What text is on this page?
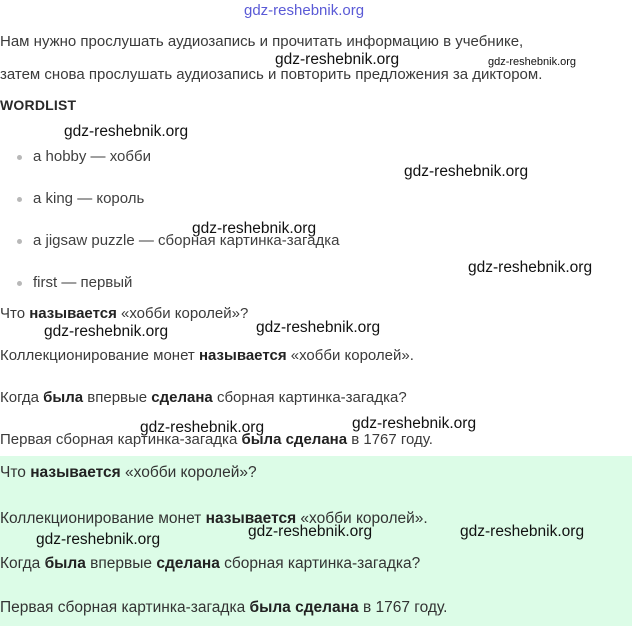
gdz-reshebnik.org
Нам нужно прослушать аудиозапись и прочитать информацию в учебнике,
затем снова прослушать аудиозапись и повторить предложения за диктором.
WORDLIST
a hobby — хобби
a king — король
a jigsaw puzzle — сборная картинка-загадка
first — первый
Что называется «хобби королей»?
Коллекционирование монет называется «хобби королей».
Когда была впервые сделана сборная картинка-загадка?
Первая сборная картинка-загадка была сделана в 1767 году.
Что называется «хобби королей»?
Коллекционирование монет называется «хобби королей».
Когда была впервые сделана сборная картинка-загадка?
Первая сборная картинка-загадка была сделана в 1767 году.
gdz-reshebnik.org	gdz-reshebnik.org
gdz-reshebnik.org
gdz-reshebnik.org
gdz-reshebnik.org
gdz-reshebnik.org
gdz-reshebnik.org	gdz-reshebnik.org
gdz-reshebnik.org
gdz-reshebnik.org
gdz-reshebnik.org	gdz-reshebnik.org
gdz-reshebnik.org
